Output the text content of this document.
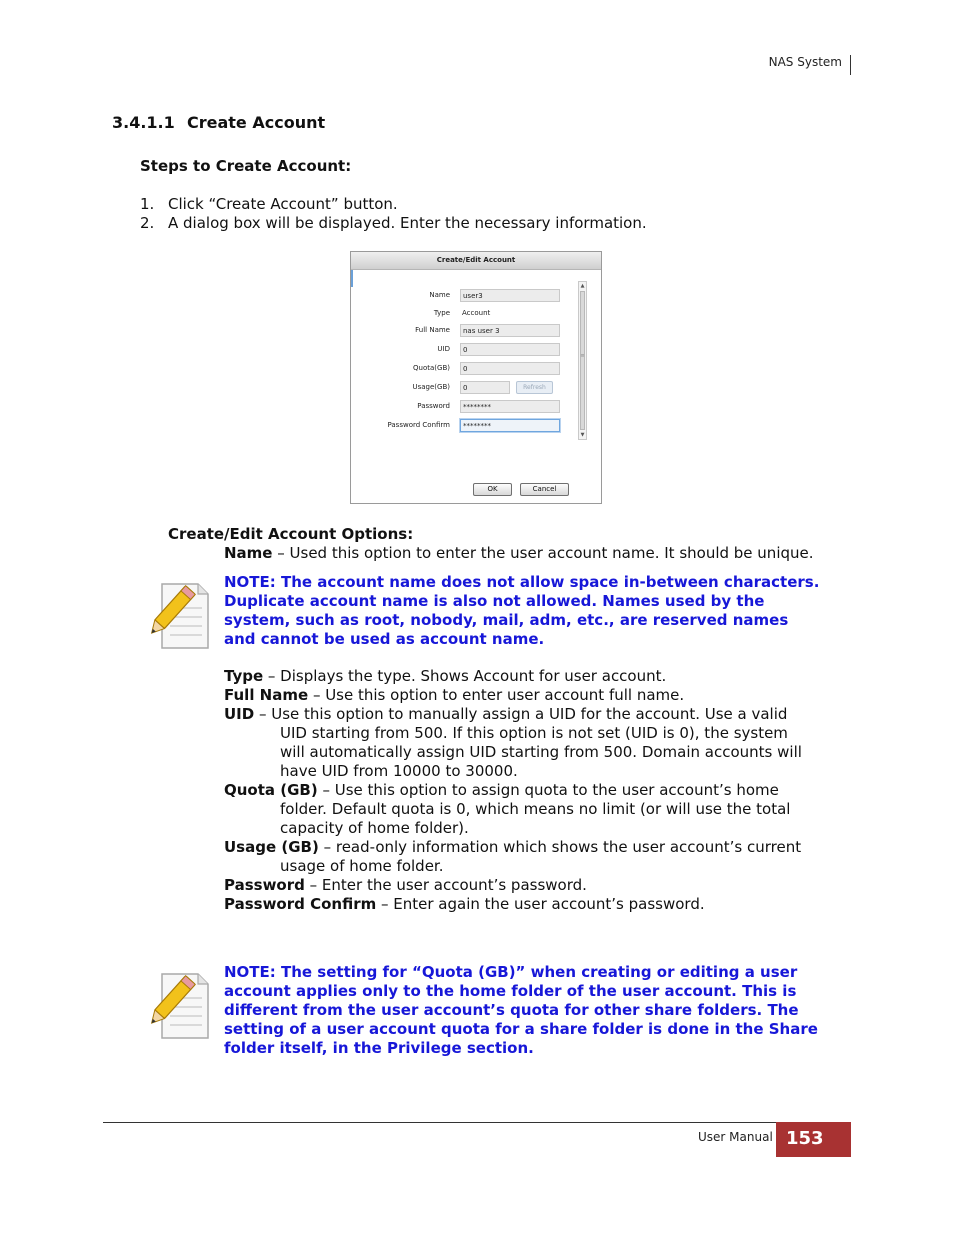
NAS System
3.4.1.1 Create Account
Steps to Create Account:
1. Click “Create Account” button.
2. A dialog box will be displayed. Enter the necessary information.
Create/Edit Account
Name	user3
Type Account
Full Name	nas user 3
UID	0
Quota(GB)	0
Usage(GB)	0	Refresh
Password	********
Password Confirm	********
▲
≡
▼
OK	Cancel
Create/Edit Account Options:
Name – Used this option to enter the user account name. It should be unique.
NOTE: The account name does not allow space in-between characters.
Duplicate account name is also not allowed. Names used by the
system, such as root, nobody, mail, adm, etc., are reserved names
and cannot be used as account name.
Type – Displays the type. Shows Account for user account.
Full Name – Use this option to enter user account full name.
UID – Use this option to manually assign a UID for the account. Use a valid
UID starting from 500. If this option is not set (UID is 0), the system
will automatically assign UID starting from 500. Domain accounts will
have UID from 10000 to 30000.
Quota (GB) – Use this option to assign quota to the user account’s home
folder. Default quota is 0, which means no limit (or will use the total
capacity of home folder).
Usage (GB) – read-only information which shows the user account’s current
usage of home folder.
Password – Enter the user account’s password.
Password Confirm – Enter again the user account’s password.
NOTE: The setting for “Quota (GB)” when creating or editing a user
account applies only to the home folder of the user account. This is
different from the user account’s quota for other share folders. The
setting of a user account quota for a share folder is done in the Share
folder itself, in the Privilege section.
User Manual 153
